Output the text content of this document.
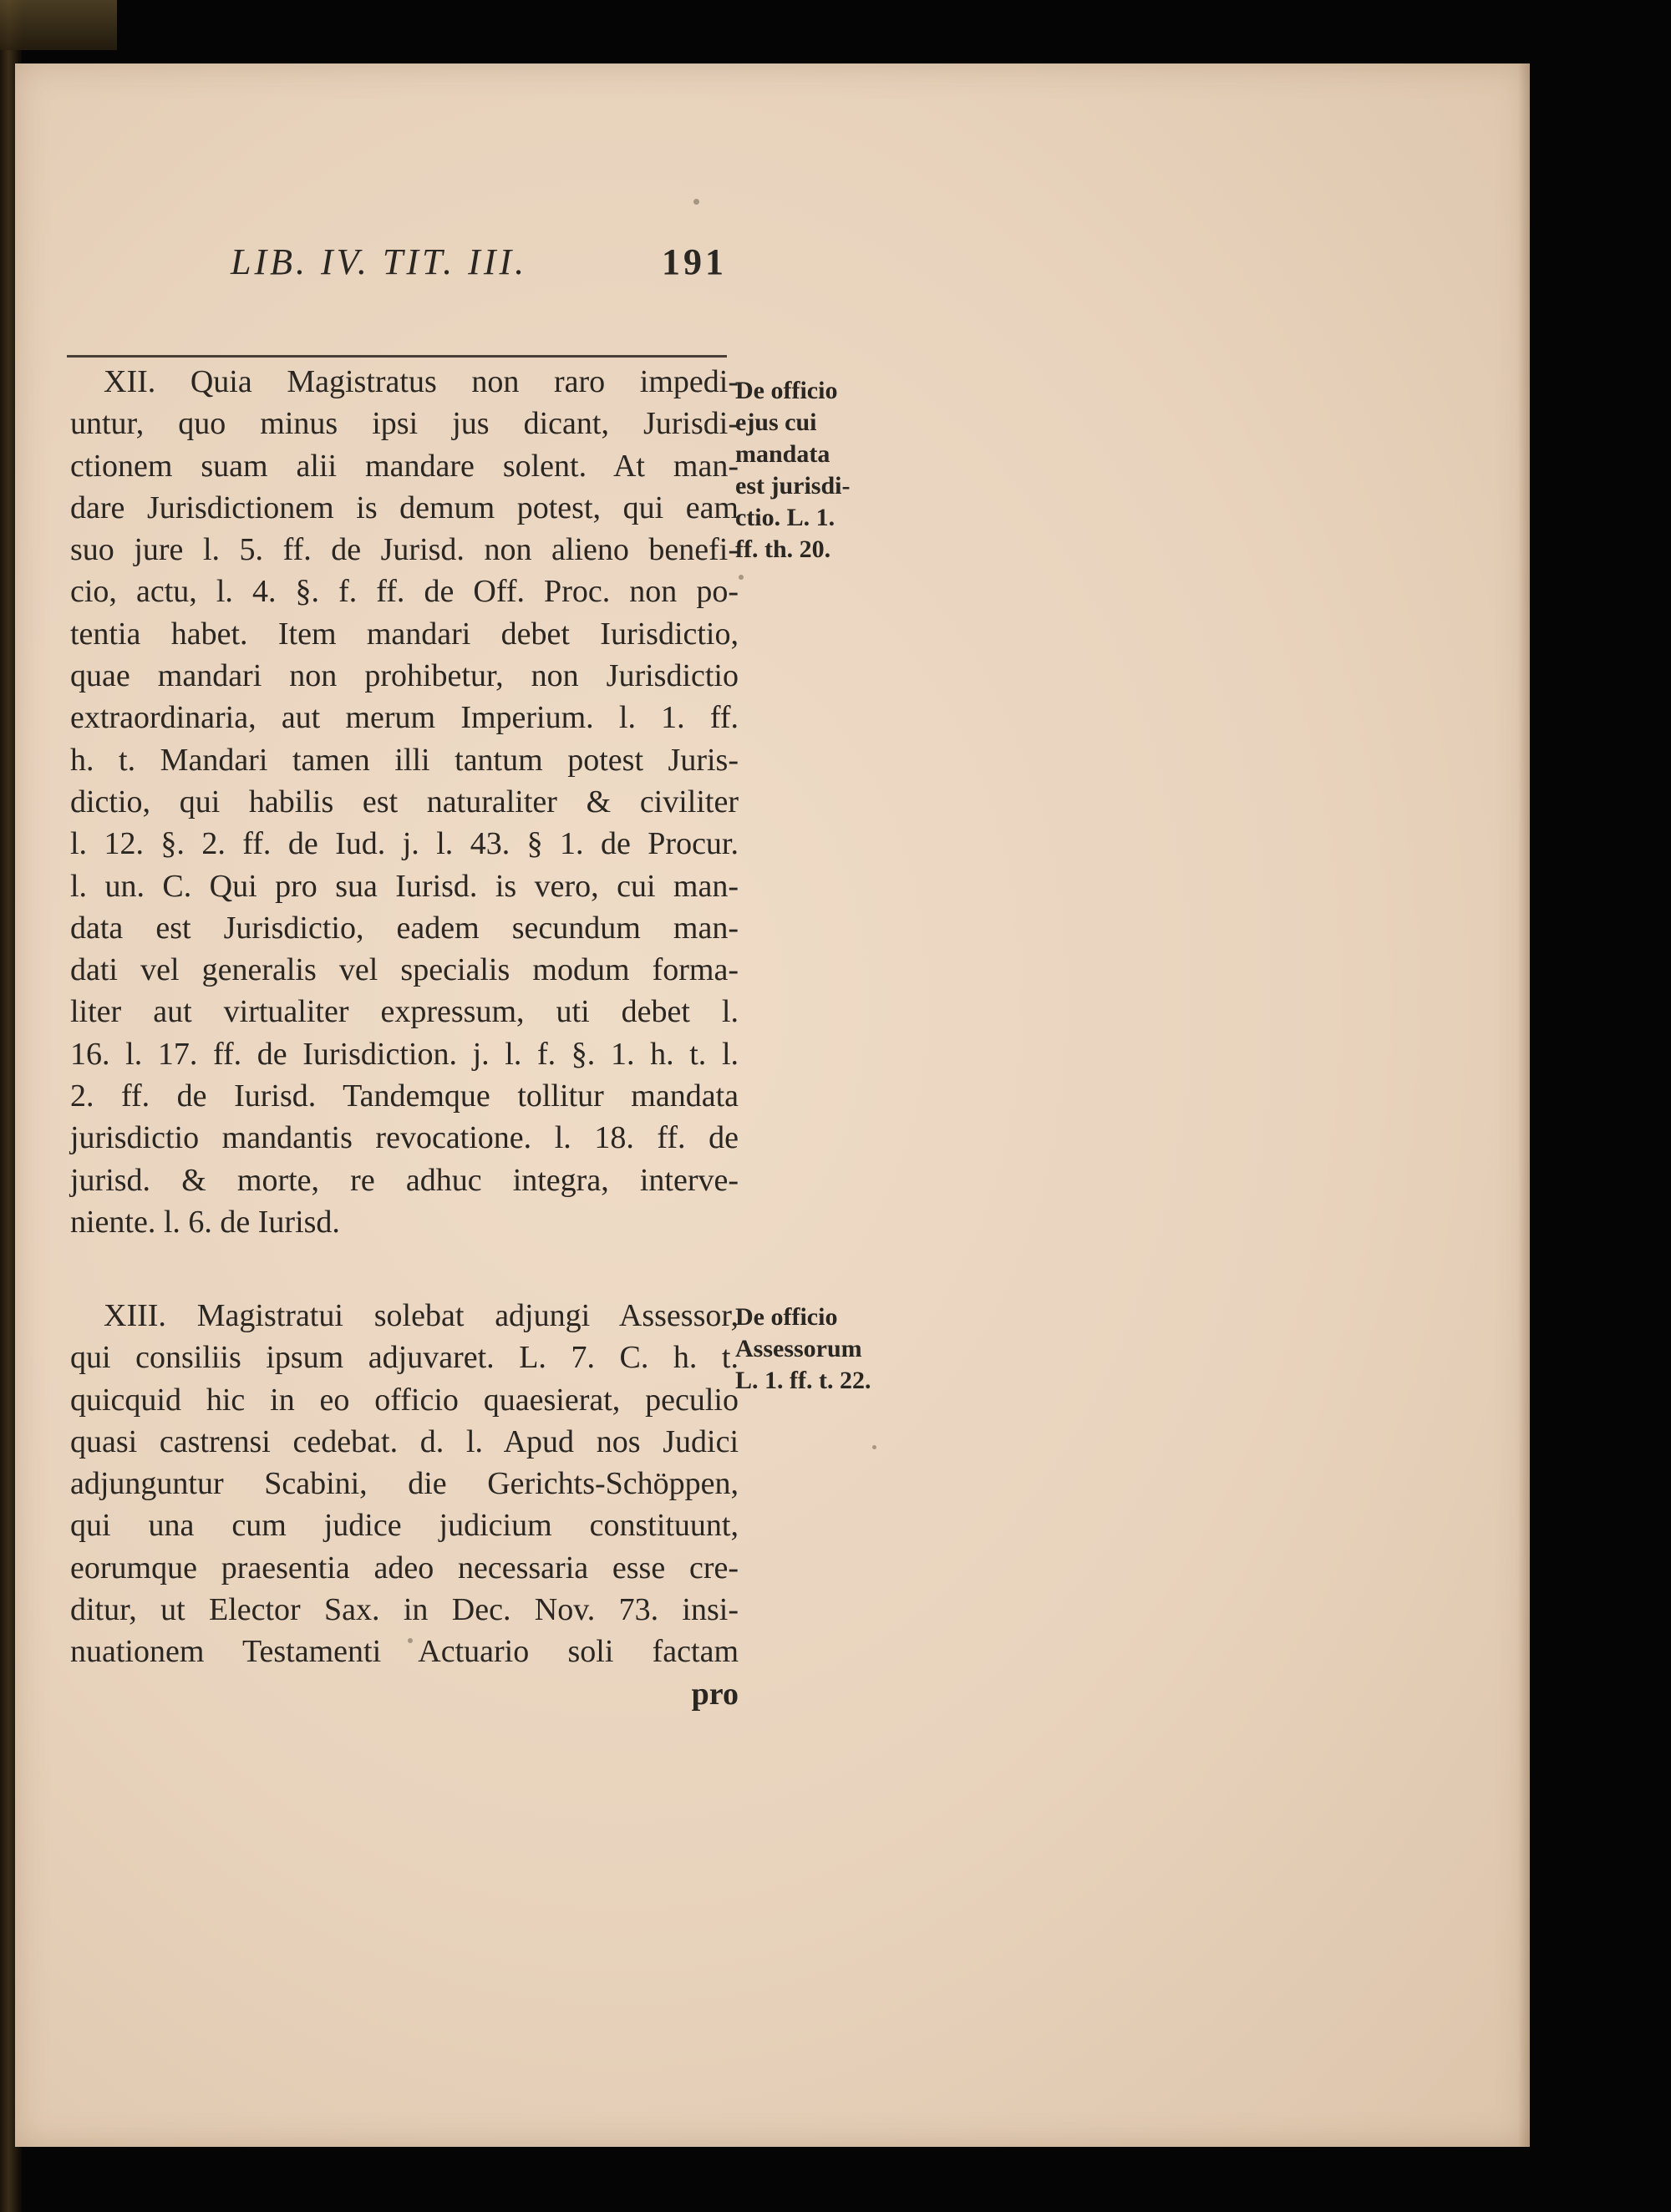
LIB. IV. TIT. III.	191
XII. Quia Magistratus non raro impedi-
untur, quo minus ipsi jus dicant, Jurisdi-
ctionem suam alii mandare solent. At man-
dare Jurisdictionem is demum potest, qui eam
suo jure l. 5. ff. de Jurisd. non alieno benefi-
cio, actu, l. 4. §. f. ff. de Off. Proc. non po-
tentia habet. Item mandari debet Iurisdictio,
quae mandari non prohibetur, non Jurisdictio
extraordinaria, aut merum Imperium. l. 1. ff.
h. t. Mandari tamen illi tantum potest Juris-
dictio, qui habilis est naturaliter & civiliter
l. 12. §. 2. ff. de Iud. j. l. 43. § 1. de Procur.
l. un. C. Qui pro sua Iurisd. is vero, cui man-
data est Jurisdictio, eadem secundum man-
dati vel generalis vel specialis modum forma-
liter aut virtualiter expressum, uti debet l.
16. l. 17. ff. de Iurisdiction. j. l. f. §. 1. h. t. l.
2. ff. de Iurisd. Tandemque tollitur mandata
jurisdictio mandantis revocatione. l. 18. ff. de
jurisd. & morte, re adhuc integra, interve-
niente. l. 6. de Iurisd.
De officio
ejus cui
mandata
est jurisdi-
ctio. L. 1.
ff. th. 20.
XIII. Magistratui solebat adjungi Assessor,
qui consiliis ipsum adjuvaret. L. 7. C. h. t.
quicquid hic in eo officio quaesierat, peculio
quasi castrensi cedebat. d. l. Apud nos Judici
adjunguntur Scabini, die Gerichts-Schöppen,
qui una cum judice judicium constituunt,
eorumque praesentia adeo necessaria esse cre-
ditur, ut Elector Sax. in Dec. Nov. 73. insi-
nuationem Testamenti Actuario soli factam
pro
De officio
Assessorum
L. 1. ff. t. 22.
